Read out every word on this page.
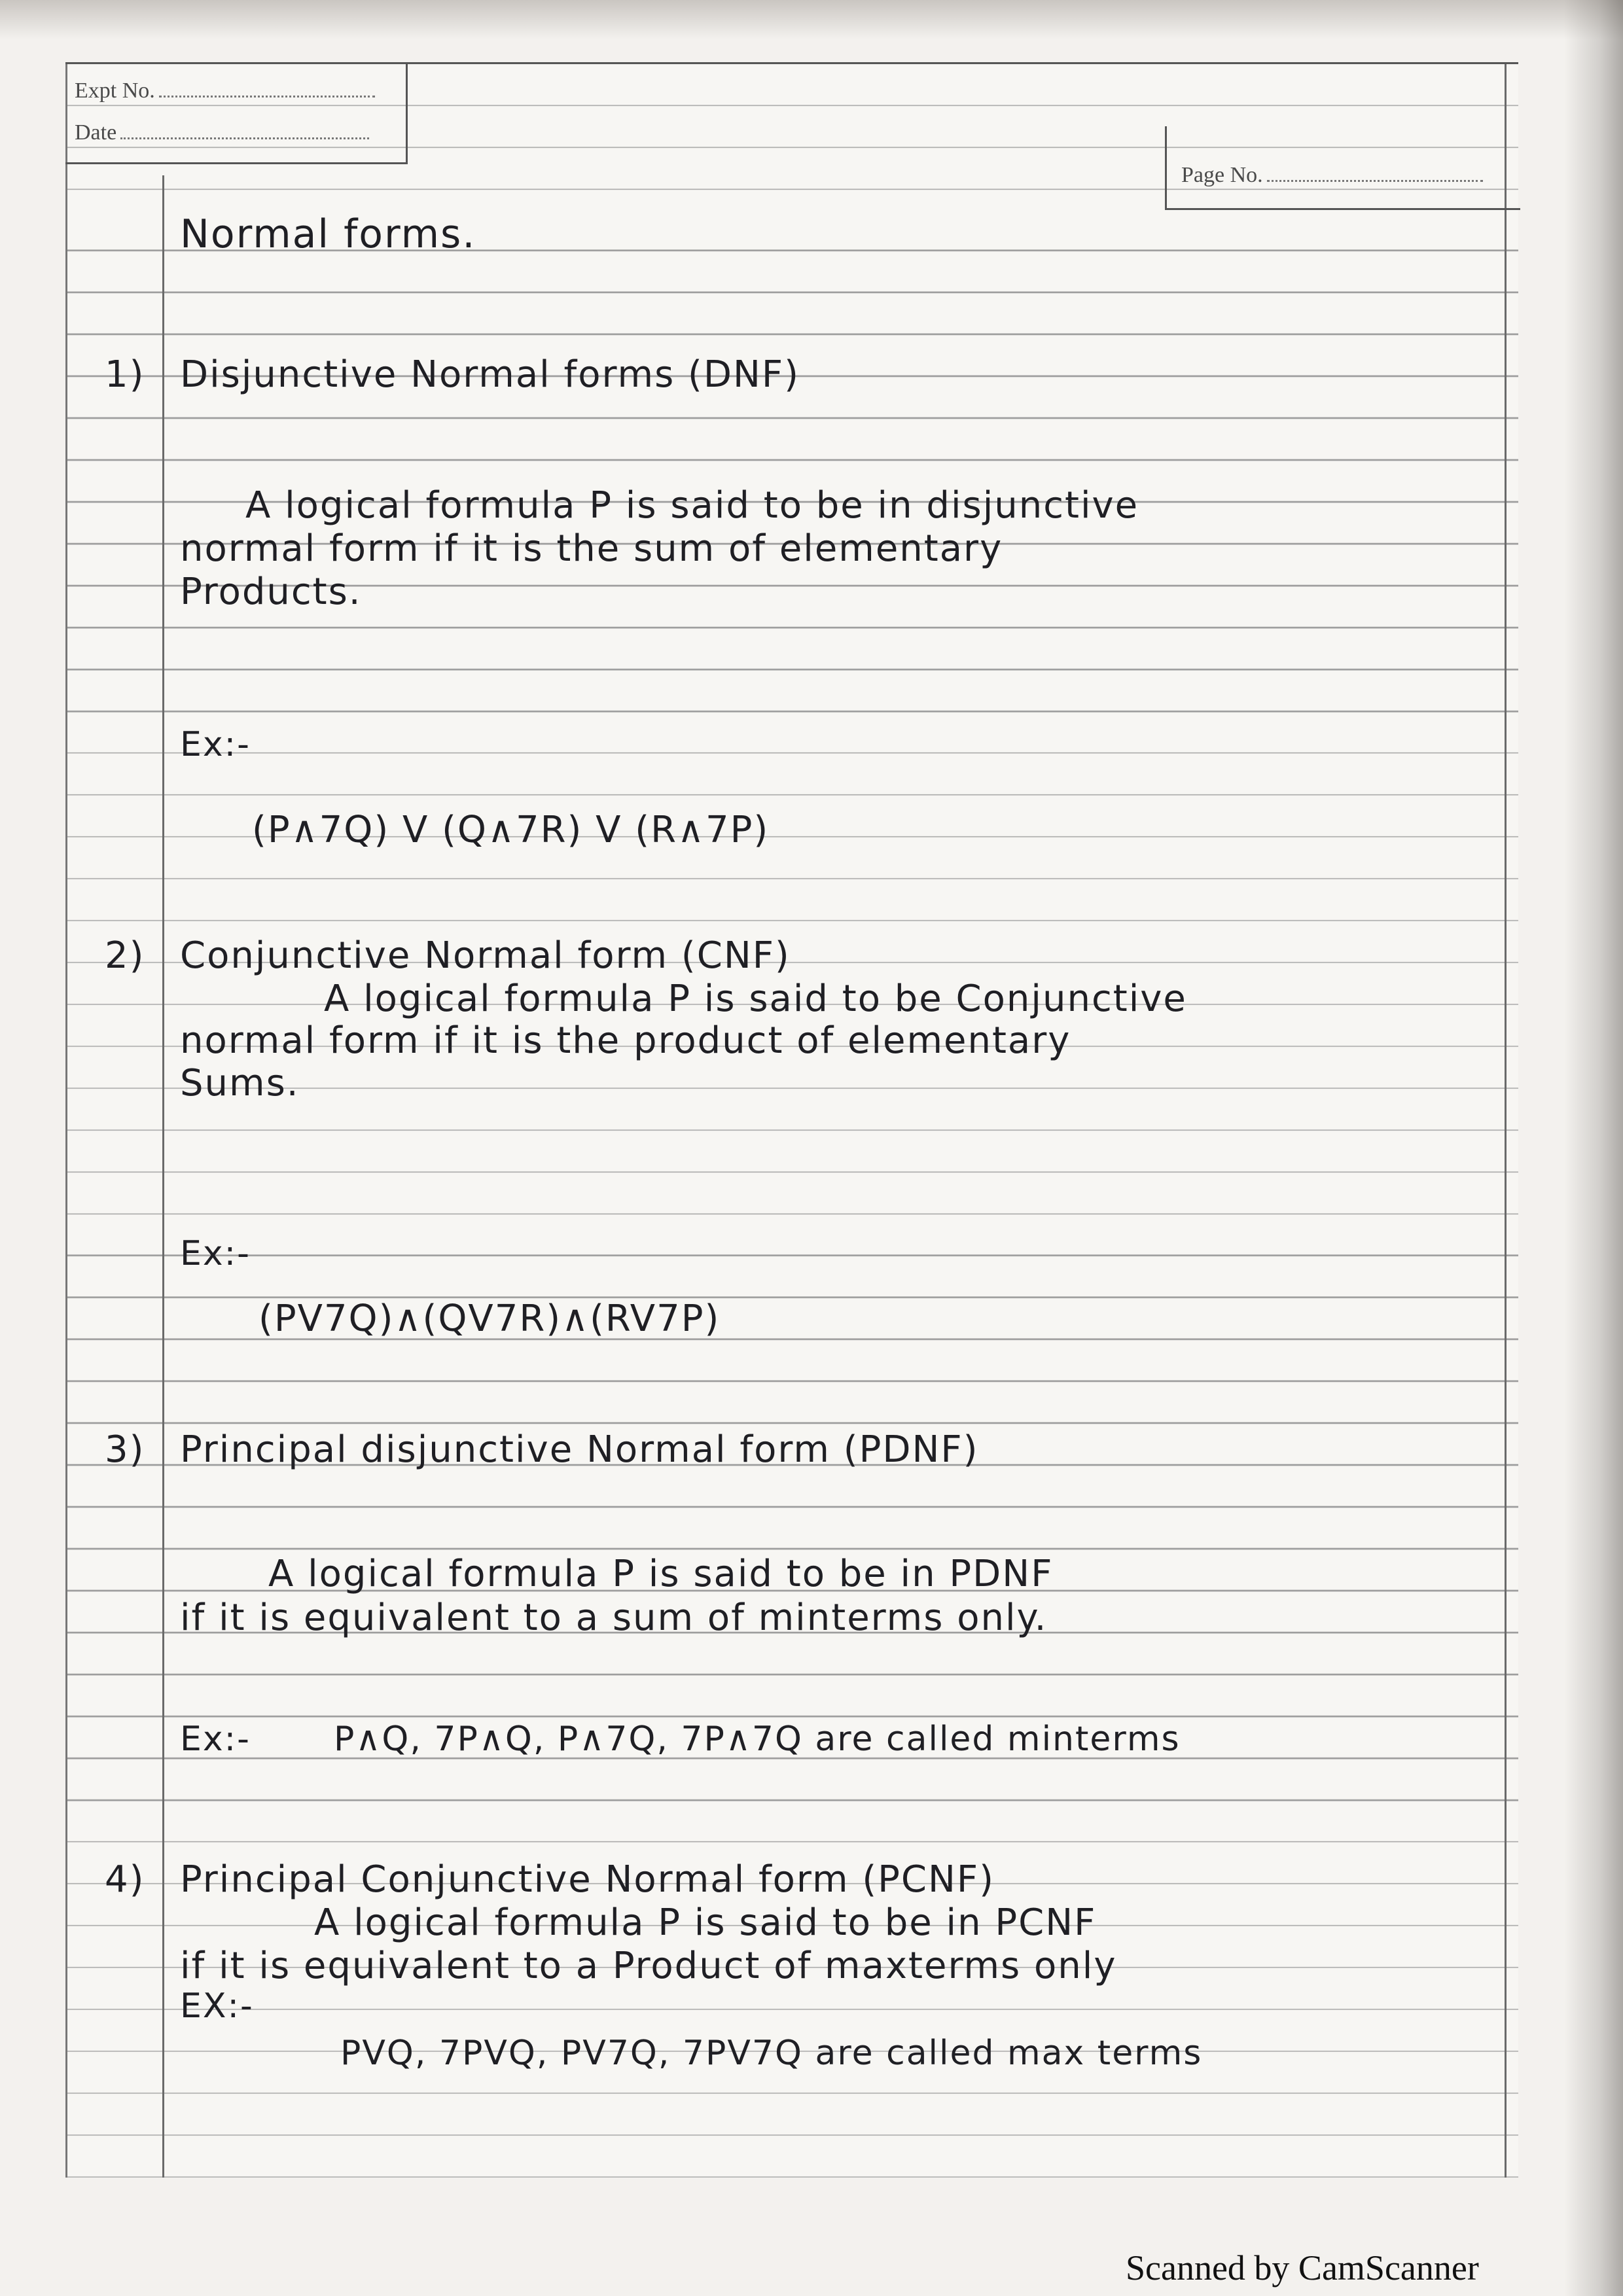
Expt No.
Date
Page No.
Normal forms.
1) Disjunctive Normal forms (DNF)
A logical formula P is said to be in disjunctive
normal form if it is the sum of elementary
Products.
Ex:-
(P∧7Q) V (Q∧7R) V (R∧7P)
2) Conjunctive Normal form (CNF)
A logical formula P is said to be Conjunctive
normal form if it is the product of elementary
Sums.
Ex:-
(PV7Q)∧(QV7R)∧(RV7P)
3) Principal disjunctive Normal form (PDNF)
A logical formula P is said to be in PDNF
if it is equivalent to a sum of minterms only.
Ex:- P∧Q, 7P∧Q, P∧7Q, 7P∧7Q are called minterms
4) Principal Conjunctive Normal form (PCNF)
A logical formula P is said to be in PCNF
if it is equivalent to a Product of maxterms only
EX:-
PVQ, 7PVQ, PV7Q, 7PV7Q are called max terms
Scanned by CamScanner
